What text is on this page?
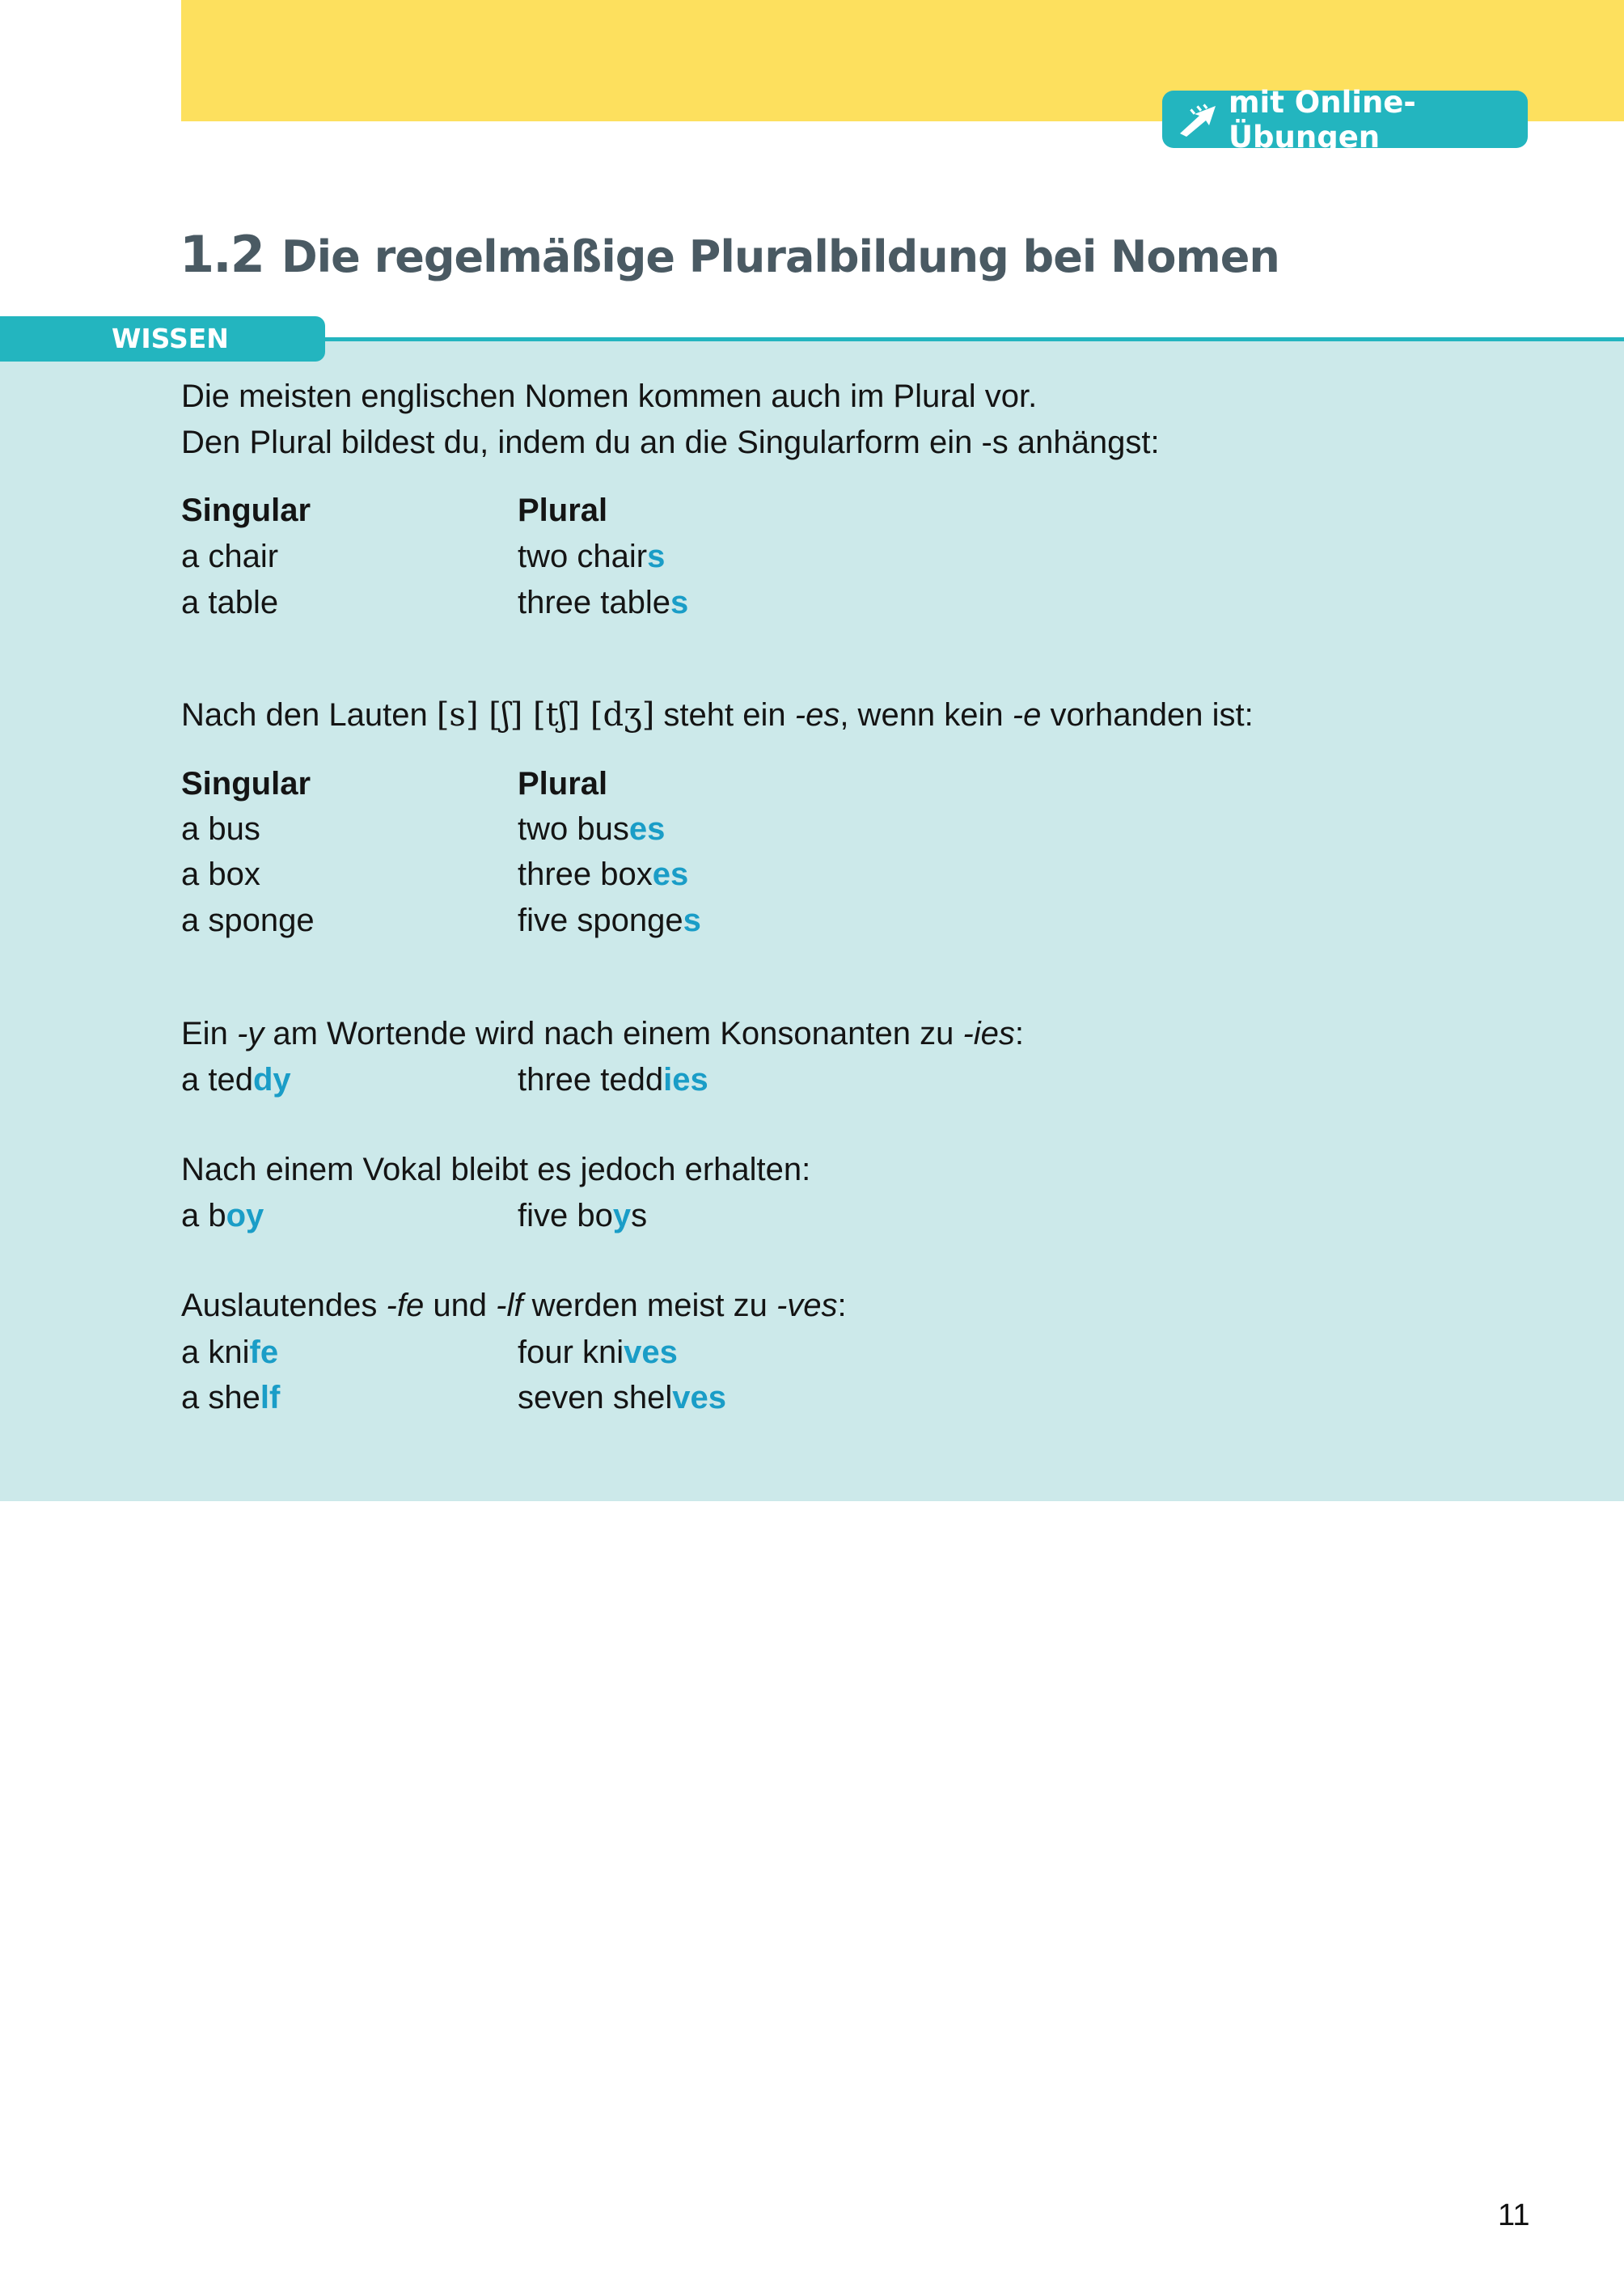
mit Online-Übungen
1.2 Die regelmäßige Pluralbildung bei Nomen
WISSEN
Die meisten englischen Nomen kommen auch im Plural vor.
Den Plural bildest du, indem du an die Singularform ein -s anhängst:
Singular	Plural
a chair	two chairs
a table	three tables
Nach den Lauten [s] [ʃ] [tʃ] [dʒ] steht ein -es, wenn kein -e vorhanden ist:
Singular	Plural
a bus	two buses
a box	three boxes
a sponge	five sponges
Ein -y am Wortende wird nach einem Konsonanten zu -ies:
a teddy	three teddies
Nach einem Vokal bleibt es jedoch erhalten:
a boy	five boys
Auslautendes -fe und -lf werden meist zu -ves:
a knife	four knives
a shelf	seven shelves
11
